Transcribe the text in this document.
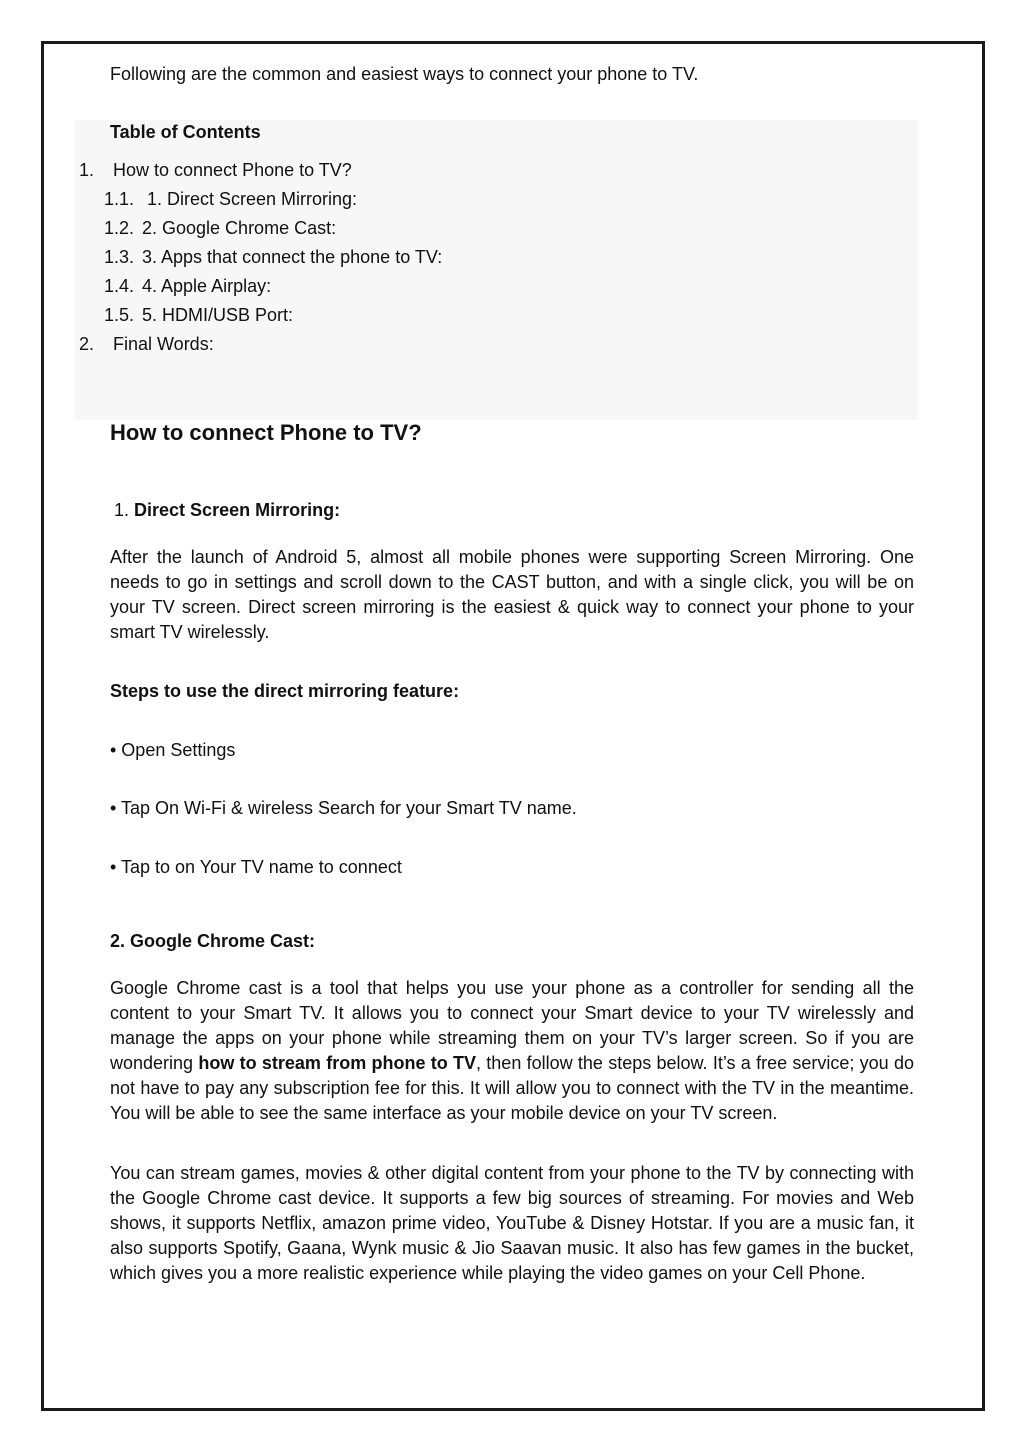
Following are the common and easiest ways to connect your phone to TV.

Table of Contents
1. How to connect Phone to TV?
1.1. 1. Direct Screen Mirroring:
1.2. 2. Google Chrome Cast:
1.3. 3. Apps that connect the phone to TV:
1.4. 4. Apple Airplay:
1.5. 5. HDMI/USB Port:
2. Final Words:
How to connect Phone to TV?
1. Direct Screen Mirroring:

After the launch of Android 5, almost all mobile phones were supporting Screen Mirroring. One needs to go in settings and scroll down to the CAST button, and with a single click, you will be on your TV screen. Direct screen mirroring is the easiest & quick way to connect your phone to your smart TV wirelessly.

Steps to use the direct mirroring feature:
• Open Settings
• Tap On Wi-Fi & wireless Search for your Smart TV name.
• Tap to on Your TV name to connect
2. Google Chrome Cast:

Google Chrome cast is a tool that helps you use your phone as a controller for sending all the content to your Smart TV. It allows you to connect your Smart device to your TV wirelessly and manage the apps on your phone while streaming them on your TV’s larger screen. So if you are wondering how to stream from phone to TV, then follow the steps below. It’s a free service; you do not have to pay any subscription fee for this. It will allow you to connect with the TV in the meantime. You will be able to see the same interface as your mobile device on your TV screen.

You can stream games, movies & other digital content from your phone to the TV by connecting with the Google Chrome cast device. It supports a few big sources of streaming. For movies and Web shows, it supports Netflix, amazon prime video, YouTube & Disney Hotstar. If you are a music fan, it also supports Spotify, Gaana, Wynk music & Jio Saavan music. It also has few games in the bucket, which gives you a more realistic experience while playing the video games on your Cell Phone.
